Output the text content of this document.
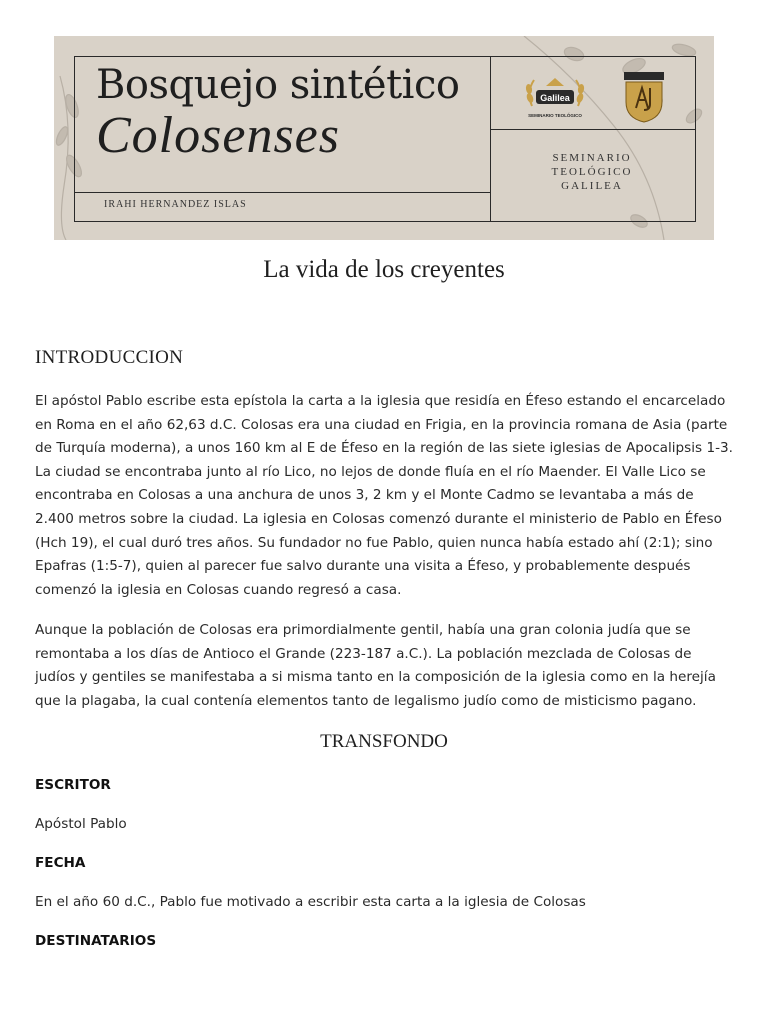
Bosquejo sintético
Colosenses
IRAHI HERNANDEZ ISLAS
Galilea
SEMINARIO TEOLÓGICO
SEMINARIO
TEOLÓGICO
GALILEA
La vida de los creyentes
INTRODUCCION
El apóstol Pablo escribe esta epístola la carta a la iglesia que residía en Éfeso estando el encarcelado en Roma en el año 62,63 d.C. Colosas era una ciudad en Frigia, en la provincia romana de Asia (parte de Turquía moderna), a unos 160 km al E de Éfeso en la región de las siete iglesias de Apocalipsis 1-3. La ciudad se encontraba junto al río Lico, no lejos de donde fluía en el río Maender. El Valle Lico se encontraba en Colosas a una anchura de unos 3, 2 km y el Monte Cadmo se levantaba a más de 2.400 metros sobre la ciudad. La iglesia en Colosas comenzó durante el ministerio de Pablo en Éfeso (Hch 19), el cual duró tres años. Su fundador no fue Pablo, quien nunca había estado ahí (2:1); sino Epafras (1:5-7), quien al parecer fue salvo durante una visita a Éfeso, y probablemente después comenzó la iglesia en Colosas cuando regresó a casa.
Aunque la población de Colosas era primordialmente gentil, había una gran colonia judía que se remontaba a los días de Antioco el Grande (223-187 a.C.). La población mezclada de Colosas de judíos y gentiles se manifestaba a si misma tanto en la composición de la iglesia como en la herejía que la plagaba, la cual contenía elementos tanto de legalismo judío como de misticismo pagano.
TRANSFONDO
ESCRITOR
Apóstol Pablo
FECHA
En el año 60 d.C., Pablo fue motivado a escribir esta carta a la iglesia de Colosas
DESTINATARIOS
